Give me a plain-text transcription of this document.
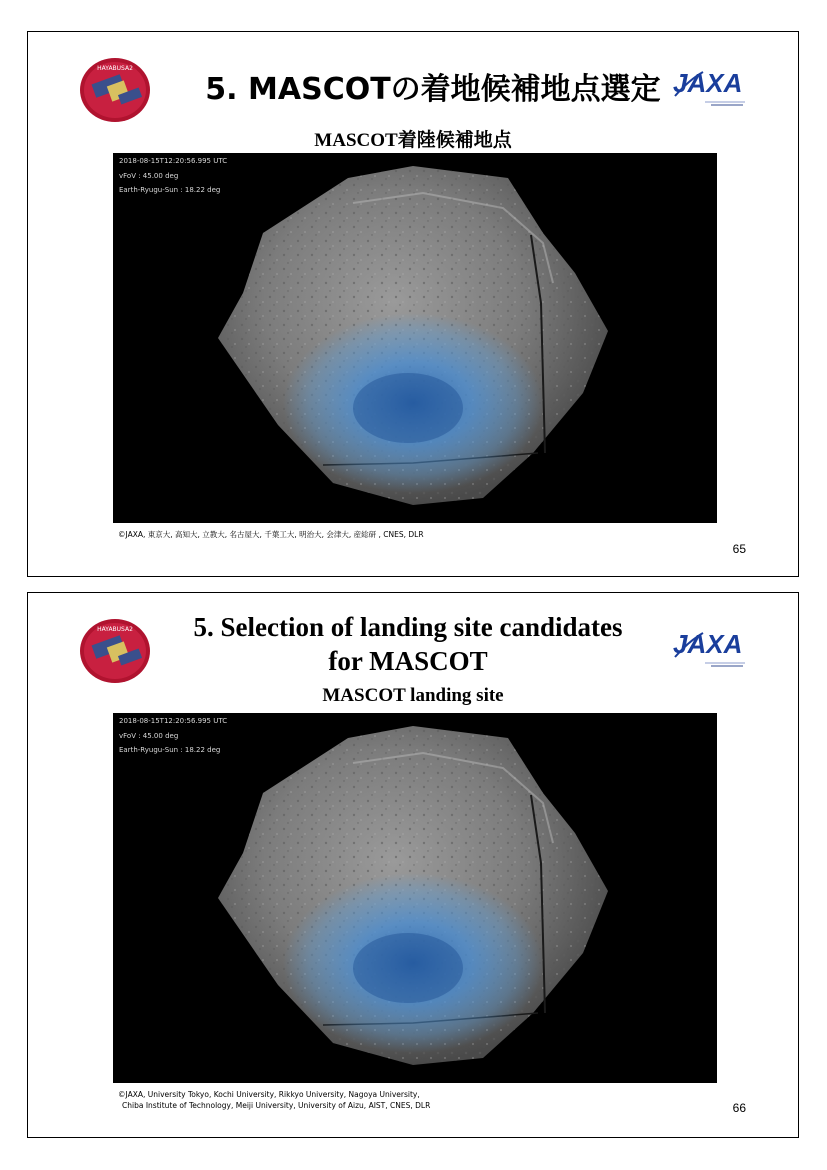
HAYABUSA2
5. MASCOTの着地候補地点選定 JAXA
MASCOT着陸候補地点
2018-08-15T12:20:56.995 UTC
vFoV : 45.00 deg
Earth-Ryugu-Sun : 18.22 deg
©JAXA, 東京大, 高知大, 立教大, 名古屋大, 千葉工大, 明治大, 会津大, 産総研 , CNES, DLR
65
HAYABUSA2	5. Selection of landing site candidates
for MASCOT
JAXA
MASCOT landing site
2018-08-15T12:20:56.995 UTC
vFoV : 45.00 deg
Earth-Ryugu-Sun : 18.22 deg
©JAXA, University Tokyo, Kochi University, Rikkyo University, Nagoya University,
Chiba Institute of Technology, Meiji University, University of Aizu, AIST, CNES, DLR	66
